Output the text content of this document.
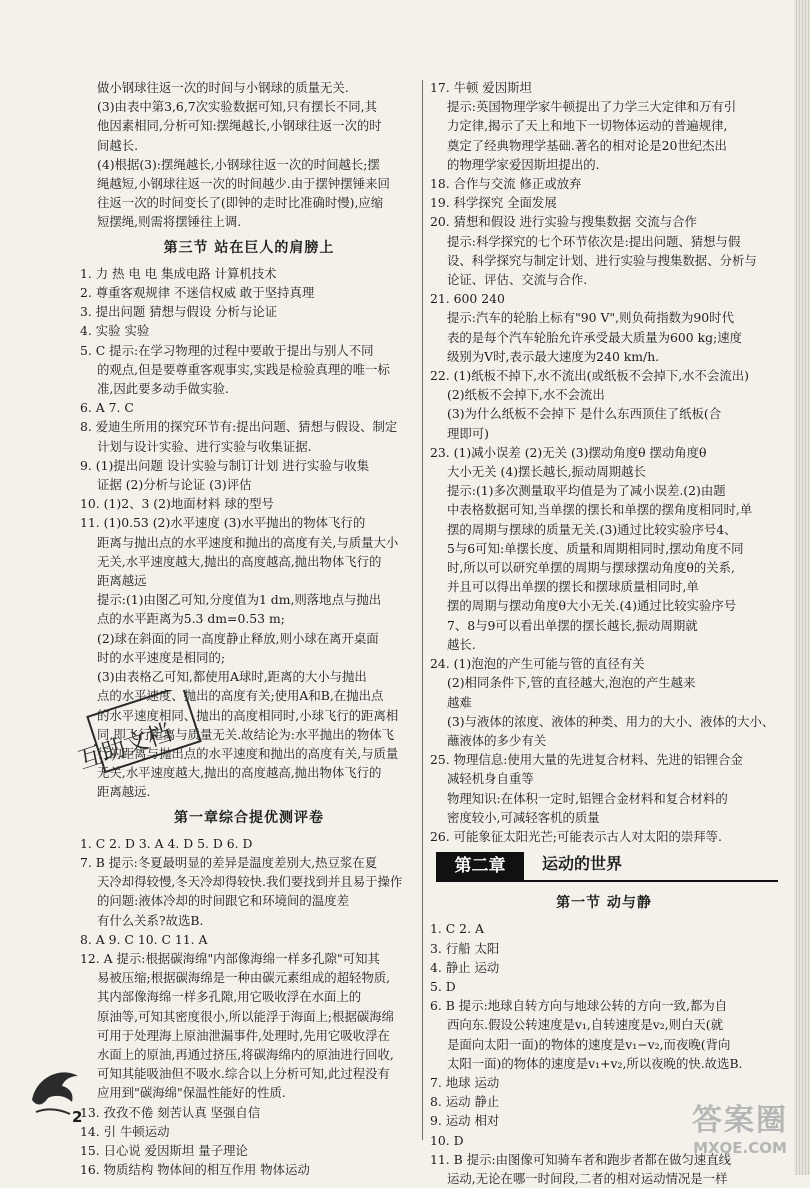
做小钢球往返一次的时间与小钢球的质量无关.
(3)由表中第3,6,7次实验数据可知,只有摆长不同,其
他因素相同,分析可知:摆绳越长,小钢球往返一次的时
间越长.
(4)根据(3):摆绳越长,小钢球往返一次的时间越长;摆
绳越短,小钢球往返一次的时间越少.由于摆钟摆锤来回
往返一次的时间变长了(即钟的走时比准确时慢),应缩
短摆绳,则需将摆锤往上调.
第三节 站在巨人的肩膀上
1. 力 热 电 电 集成电路 计算机技术
2. 尊重客观规律 不迷信权威 敢于坚持真理
3. 提出问题 猜想与假设 分析与论证
4. 实验 实验
5. C 提示:在学习物理的过程中要敢于提出与别人不同
的观点,但是要尊重客观事实,实践是检验真理的唯一标
准,因此要多动手做实验.
6. A 7. C
8. 爱迪生所用的探究环节有:提出问题、猜想与假设、制定
计划与设计实验、进行实验与收集证据.
9. (1)提出问题 设计实验与制订计划 进行实验与收集
证据 (2)分析与论证 (3)评估
10. (1)2、3 (2)地面材料 球的型号
11. (1)0.53 (2)水平速度 (3)水平抛出的物体飞行的
距离与抛出点的水平速度和抛出的高度有关,与质量大小
无关,水平速度越大,抛出的高度越高,抛出物体飞行的
距离越远
提示:(1)由图乙可知,分度值为1 dm,则落地点与抛出
点的水平距离为5.3 dm=0.53 m;
(2)球在斜面的同一高度静止释放,则小球在离开桌面
时的水平速度是相同的;
(3)由表格乙可知,都使用A球时,距离的大小与抛出
点的水平速度、抛出的高度有关;使用A和B,在抛出点
的水平速度相同、抛出的高度相同时,小球飞行的距离相
同,即飞行距离与质量无关.故结论为:水平抛出的物体飞
行的距离与抛出点的水平速度和抛出的高度有关,与质量
无关,水平速度越大,抛出的高度越高,抛出物体飞行的
距离越远.
第一章综合提优测评卷
1. C 2. D 3. A 4. D 5. D 6. D
7. B 提示:冬夏最明显的差异是温度差别大,热豆浆在夏
天冷却得较慢,冬天冷却得较快.我们要找到并且易于操作
的问题:液体冷却的时间跟它和环境间的温度差
有什么关系?故选B.
8. A 9. C 10. C 11. A
12. A 提示:根据碳海绵"内部像海绵一样多孔隙"可知其
易被压缩;根据碳海绵是一种由碳元素组成的超轻物质,
其内部像海绵一样多孔隙,用它吸收浮在水面上的
原油等,可知其密度很小,所以能浮于海面上;根据碳海绵
可用于处理海上原油泄漏事件,处理时,先用它吸收浮在
水面上的原油,再通过挤压,将碳海绵内的原油进行回收,
可知其能吸油但不吸水.综合以上分析可知,此过程没有
应用到"碳海绵"保温性能好的性质.
13. 孜孜不倦 刻苦认真 坚强自信
14. 引 牛顿运动
15. 日心说 爱因斯坦 量子理论
16. 物质结构 物体间的相互作用 物体运动
17. 牛顿 爱因斯坦
提示:英国物理学家牛顿提出了力学三大定律和万有引
力定律,揭示了天上和地下一切物体运动的普遍规律,
奠定了经典物理学基础.著名的相对论是20世纪杰出
的物理学家爱因斯坦提出的.
18. 合作与交流 修正或放弃
19. 科学探究 全面发展
20. 猜想和假设 进行实验与搜集数据 交流与合作
提示:科学探究的七个环节依次是:提出问题、猜想与假
设、科学探究与制定计划、进行实验与搜集数据、分析与
论证、评估、交流与合作.
21. 600 240
提示:汽车的轮胎上标有"90 V",则负荷指数为90时代
表的是每个汽车轮胎允许承受最大质量为600 kg;速度
级别为V时,表示最大速度为240 km/h.
22. (1)纸板不掉下,水不流出(或纸板不会掉下,水不会流出)
(2)纸板不会掉下,水不会流出
(3)为什么纸板不会掉下 是什么东西顶住了纸板(合
理即可)
23. (1)减小误差 (2)无关 (3)摆动角度θ 摆动角度θ
大小无关 (4)摆长越长,振动周期越长
提示:(1)多次测量取平均值是为了减小误差.(2)由题
中表格数据可知,当单摆的摆长和单摆的摆角度相同时,单
摆的周期与摆球的质量无关.(3)通过比较实验序号4、
5与6可知:单摆长度、质量和周期相同时,摆动角度不同
时,所以可以研究单摆的周期与摆球摆动角度θ的关系,
并且可以得出单摆的摆长和摆球质量相同时,单
摆的周期与摆动角度θ大小无关.(4)通过比较实验序号
7、8与9可以看出单摆的摆长越长,振动周期就
越长.
24. (1)泡泡的产生可能与管的直径有关
(2)相同条件下,管的直径越大,泡泡的产生越来
越难
(3)与液体的浓度、液体的种类、用力的大小、液体的大小、
蘸液体的多少有关
25. 物理信息:使用大量的先进复合材料、先进的铝锂合金
减轻机身自重等
物理知识:在体积一定时,铝锂合金材料和复合材料的
密度较小,可减轻客机的质量
26. 可能象征太阳光芒;可能表示古人对太阳的崇拜等.
第二章	运动的世界
第一节 动与静
1. C 2. A
3. 行船 太阳
4. 静止 运动
5. D
6. B 提示:地球自转方向与地球公转的方向一致,都为自
西向东.假设公转速度是v₁,自转速度是v₂,则白天(就
是面向太阳一面)的物体的速度是v₁−v₂,而夜晚(背向
太阳一面)的物体的速度是v₁+v₂,所以夜晚的快.故选B.
7. 地球 运动
8. 运动 静止
9. 运动 相对
10. D
11. B 提示:由图像可知骑车者和跑步者都在做匀速直线
运动,无论在哪一时间段,二者的相对运动情况是一样
互助文档
2	答案圈
MXQE.COM
